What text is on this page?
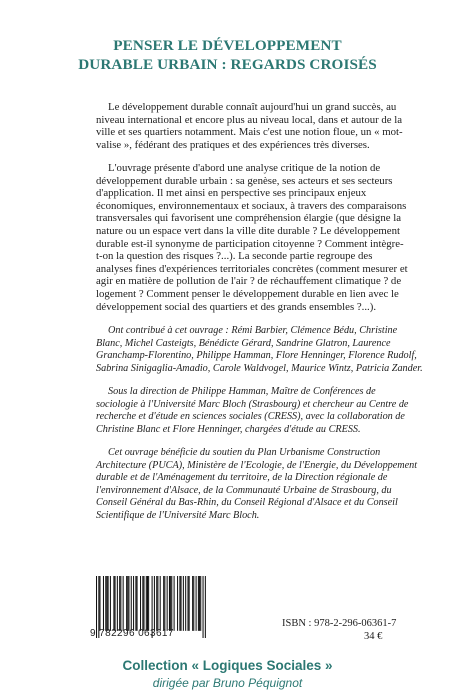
PENSER LE DÉVELOPPEMENT
DURABLE URBAIN : REGARDS CROISÉS
Le développement durable connaît aujourd'hui un grand succès, au
niveau international et encore plus au niveau local, dans et autour de la
ville et ses quartiers notamment. Mais c'est une notion floue, un « mot-
valise », fédérant des pratiques et des expériences très diverses.
L'ouvrage présente d'abord une analyse critique de la notion de
développement durable urbain : sa genèse, ses acteurs et ses secteurs
d'application. Il met ainsi en perspective ses principaux enjeux
économiques, environnementaux et sociaux, à travers des comparaisons
transversales qui favorisent une compréhension élargie (que désigne la
nature ou un espace vert dans la ville dite durable ? Le développement
durable est-il synonyme de participation citoyenne ? Comment intègre-
t-on la question des risques ?...). La seconde partie regroupe des
analyses fines d'expériences territoriales concrètes (comment mesurer et
agir en matière de pollution de l'air ? de réchauffement climatique ? de
logement ? Comment penser le développement durable en lien avec le
développement social des quartiers et des grands ensembles ?...).
Ont contribué à cet ouvrage : Rémi Barbier, Clémence Bédu, Christine
Blanc, Michel Casteigts, Bénédicte Gérard, Sandrine Glatron, Laurence
Granchamp-Florentino, Philippe Hamman, Flore Henninger, Florence Rudolf,
Sabrina Sinigaglia-Amadio, Carole Waldvogel, Maurice Wintz, Patricia Zander.
Sous la direction de Philippe Hamman, Maître de Conférences de
sociologie à l'Université Marc Bloch (Strasbourg) et chercheur au Centre de
recherche et d'étude en sciences sociales (CRESS), avec la collaboration de
Christine Blanc et Flore Henninger, chargées d'étude au CRESS.
Cet ouvrage bénéficie du soutien du Plan Urbanisme Construction
Architecture (PUCA), Ministère de l'Ecologie, de l'Energie, du Développement
durable et de l'Aménagement du territoire, de la Direction régionale de
l'environnement d'Alsace, de la Communauté Urbaine de Strasbourg, du
Conseil Général du Bas-Rhin, du Conseil Régional d'Alsace et du Conseil
Scientifique de l'Université Marc Bloch.
9 782296 063617
ISBN : 978-2-296-06361-7
34 €
Collection « Logiques Sociales »
dirigée par Bruno Péquignot
